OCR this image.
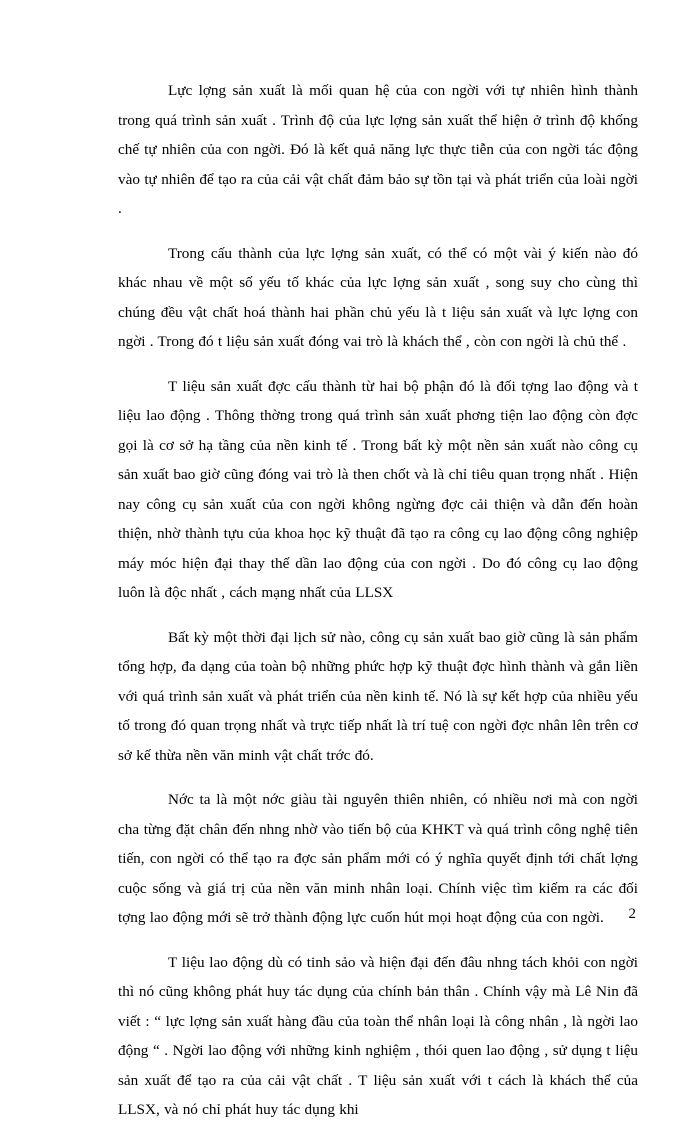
Lực lợng sản xuất là mối quan hệ của con ngời với tự nhiên hình thành trong quá trình sản xuất . Trình độ của lực lợng sản xuất thể hiện ở trình độ khống chế tự nhiên của con ngời. Đó là kết quả năng lực thực tiễn của con ngời tác động vào tự nhiên để tạo ra của cải vật chất đảm bảo sự tồn tại và phát triển của loài ngời .

Trong cấu thành của lực lợng sản xuất, có thể có một vài ý kiến nào đó khác nhau về một số yếu tố khác của lực lợng sản xuất , song suy cho cùng thì chúng đều vật chất hoá thành hai phần chủ yếu là t liệu sản xuất và lực lợng con ngời . Trong đó t liệu sản xuất đóng vai trò là khách thể , còn con ngời là chủ thể .

T liệu sản xuất đợc cấu thành từ hai bộ phận đó là đối tợng lao động và t liệu lao động . Thông thờng trong quá trình sản xuất phơng tiện lao động còn đợc gọi là cơ sở hạ tầng của nền kinh tế . Trong bất kỳ một nền sản xuất nào công cụ sản xuất bao giờ cũng đóng vai trò là then chốt và là chỉ tiêu quan trọng nhất . Hiện nay công cụ sản xuất của con ngời không ngừng đợc cải thiện và dẫn đến hoàn thiện, nhờ thành tựu của khoa học kỹ thuật đã tạo ra công cụ lao động công nghiệp máy móc hiện đại thay thế dần lao động của con ngời . Do đó công cụ lao động luôn là độc nhất , cách mạng nhất của LLSX

Bất kỳ một thời đại lịch sử nào, công cụ sản xuất bao giờ cũng là sản phẩm tổng hợp, đa dạng của toàn bộ những phức hợp kỹ thuật đợc hình thành và gắn liền với quá trình sản xuất và phát triển của nền kinh tế. Nó là sự kết hợp của nhiều yếu tố trong đó quan trọng nhất và trực tiếp nhất là trí tuệ con ngời đợc nhân lên trên cơ sở kế thừa nền văn minh vật chất trớc đó.

Nớc ta là một nớc giàu tài nguyên thiên nhiên, có nhiều nơi mà con ngời cha từng đặt chân đến nhng nhờ vào tiến bộ của KHKT và quá trình công nghệ tiên tiến, con ngời có thể tạo ra đợc sản phẩm mới có ý nghĩa quyết định tới chất lợng cuộc sống và giá trị của nền văn minh nhân loại. Chính việc tìm kiếm ra các đối tợng lao động mới sẽ trở thành động lực cuốn hút mọi hoạt động của con ngời.

T liệu lao động dù có tinh sảo và hiện đại đến đâu nhng tách khỏi con ngời thì nó cũng không phát huy tác dụng của chính bản thân . Chính vậy mà Lê Nin đã viết : “ lực lợng sản xuất hàng đầu của toàn thể nhân loại là công nhân , là ngời lao động “ . Ngời lao động với những kinh nghiệm , thói quen lao động , sử dụng t liệu sản xuất để tạo ra của cải vật chất . T liệu sản xuất với t cách là khách thể của LLSX, và nó chỉ phát huy tác dụng khi

2
